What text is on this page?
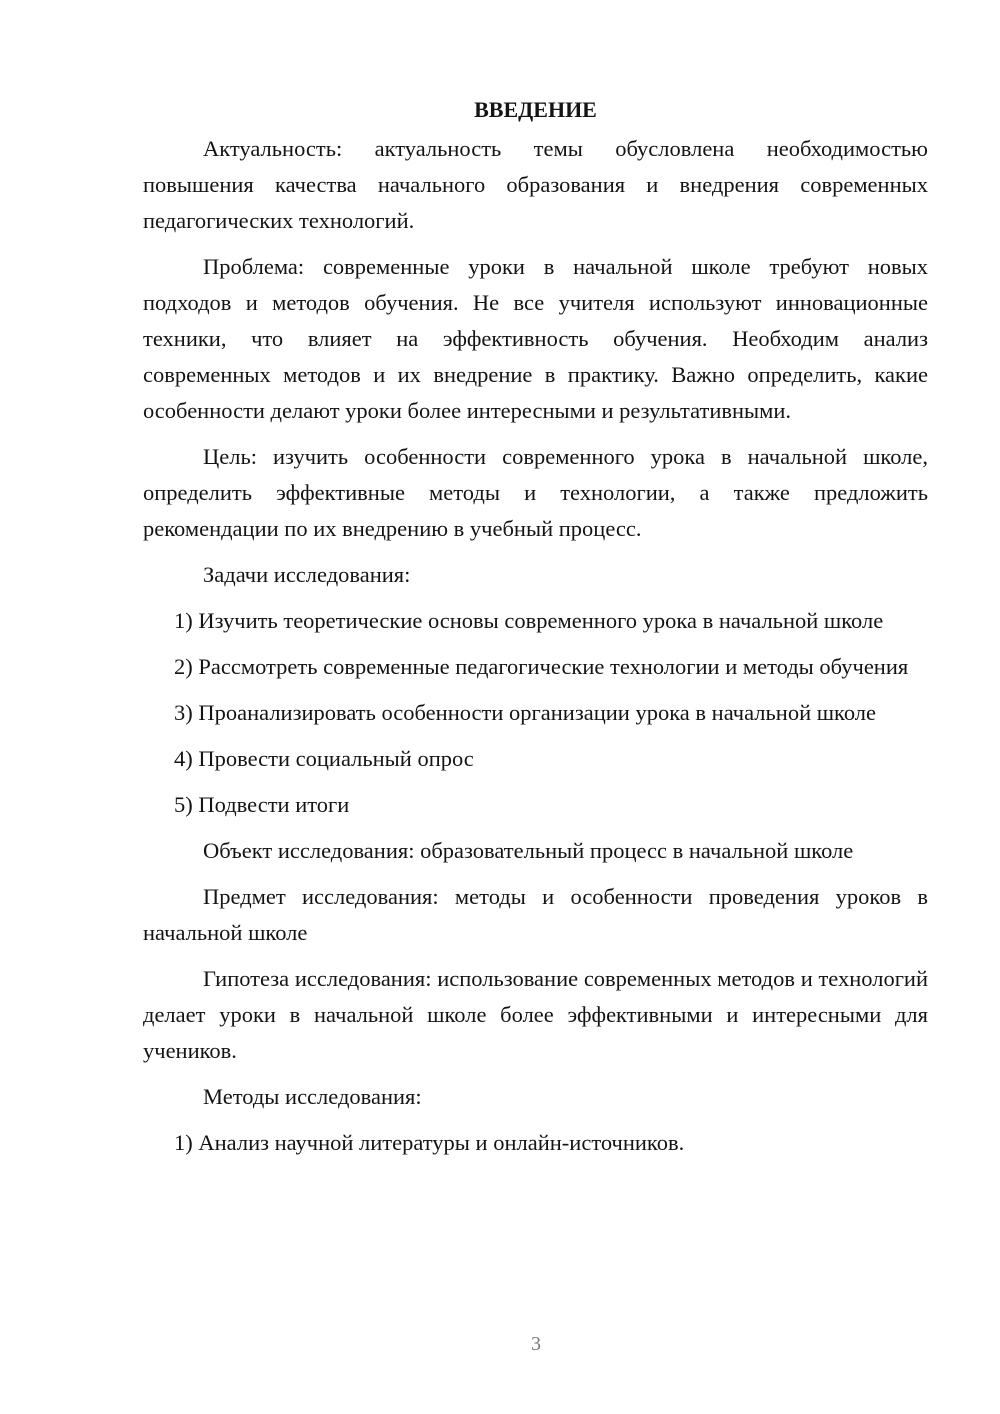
ВВЕДЕНИЕ

Актуальность: актуальность темы обусловлена необходимостью повышения качества начального образования и внедрения современных педагогических технологий.

Проблема: современные уроки в начальной школе требуют новых подходов и методов обучения. Не все учителя используют инновационные техники, что влияет на эффективность обучения. Необходим анализ современных методов и их внедрение в практику. Важно определить, какие особенности делают уроки более интересными и результативными.

Цель: изучить особенности современного урока в начальной школе, определить эффективные методы и технологии, а также предложить рекомендации по их внедрению в учебный процесс.

Задачи исследования:

1) Изучить теоретические основы современного урока в начальной школе

2) Рассмотреть современные педагогические технологии и методы обучения

3) Проанализировать особенности организации урока в начальной школе

4) Провести социальный опрос

5) Подвести итоги

Объект исследования: образовательный процесс в начальной школе

Предмет исследования: методы и особенности проведения уроков в начальной школе

Гипотеза исследования: использование современных методов и технологий делает уроки в начальной школе более эффективными и интересными для учеников.

Методы исследования:

1) Анализ научной литературы и онлайн-источников.

3
